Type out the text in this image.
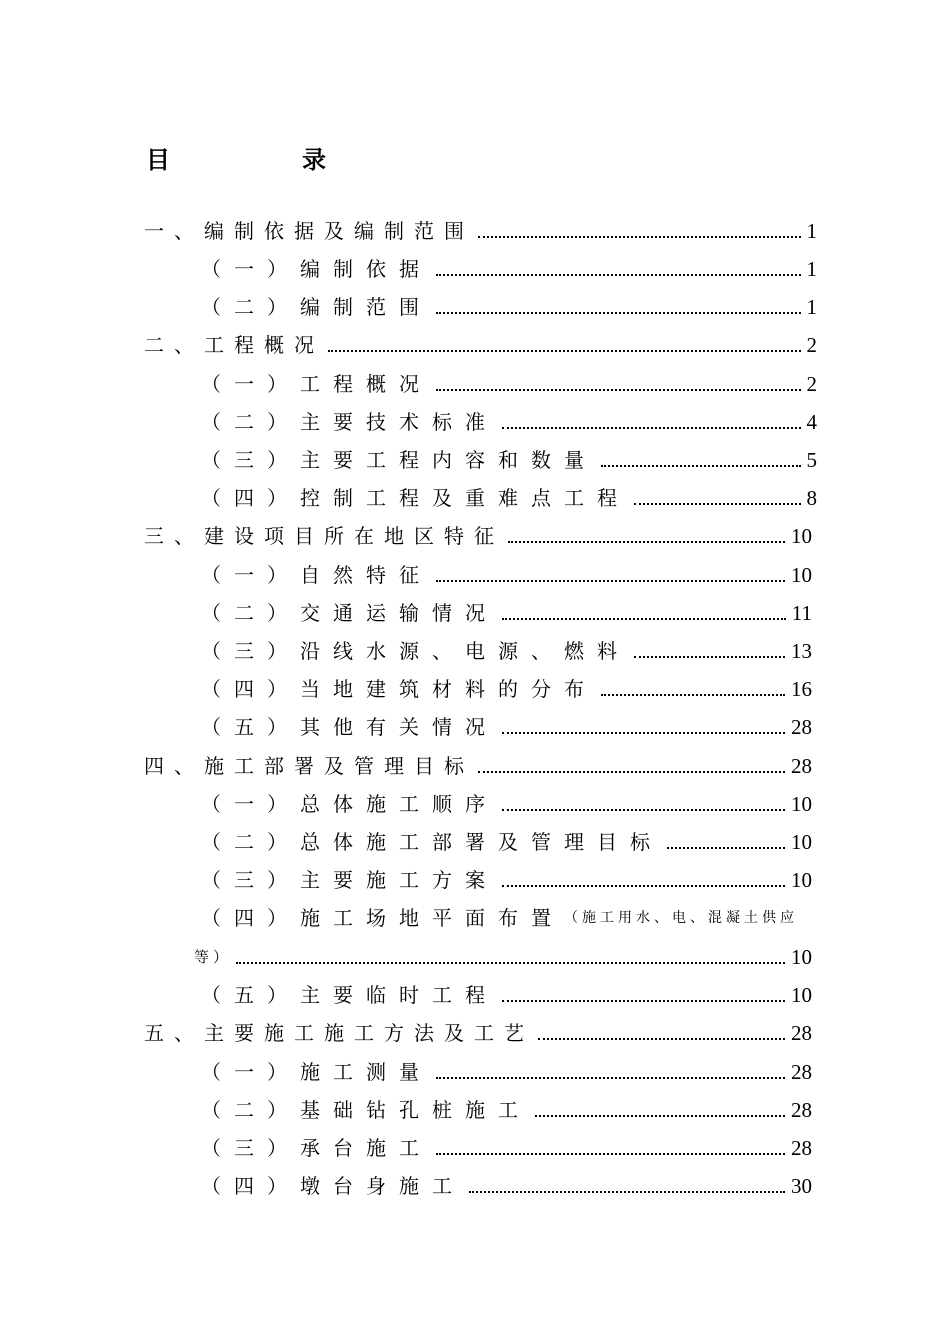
目	录
一、编制依据及编制范围	1
（一）编制依据	1
（二）编制范围	1
二、工程概况	2
（一）工程概况	2
（二）主要技术标准	4
（三）主要工程内容和数量	5
（四）控制工程及重难点工程	8
三、建设项目所在地区特征	10
（一）自然特征	10
（二）交通运输情况	11
（三）沿线水源、电源、燃料	13
（四）当地建筑材料的分布	16
（五）其他有关情况	28
四、施工部署及管理目标	28
（一）总体施工顺序	10
（二）总体施工部署及管理目标	10
（三）主要施工方案	10
（四）施工场地平面布置 （施工用水、电、混凝土供应
等）	10
（五）主要临时工程	10
五、主要施工施工方法及工艺	28
（一）施工测量	28
（二）基础钻孔桩施工	28
（三）承台施工	28
（四）墩台身施工	30
